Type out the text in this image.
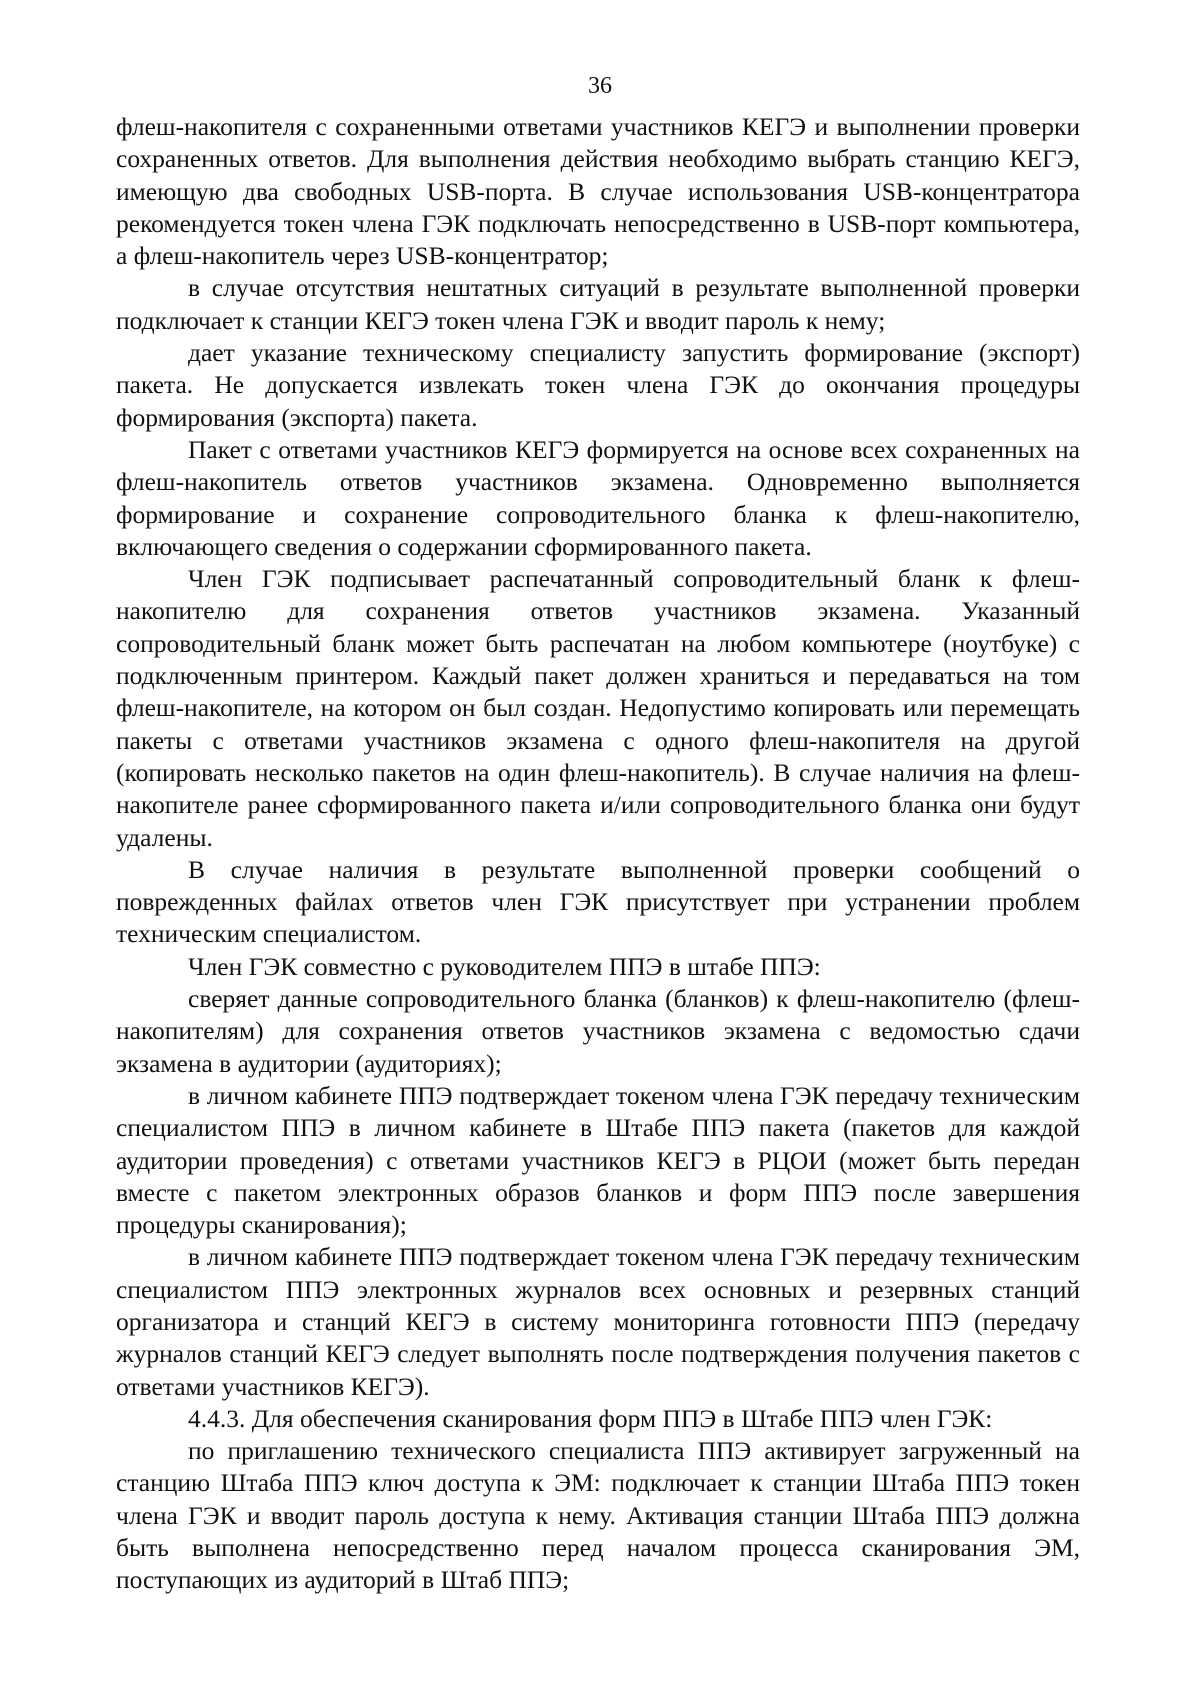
36

флеш-накопителя с сохраненными ответами участников КЕГЭ и выполнении проверки сохраненных ответов. Для выполнения действия необходимо выбрать станцию КЕГЭ, имеющую два свободных USB-порта. В случае использования USB-концентратора рекомендуется токен члена ГЭК подключать непосредственно в USB-порт компьютера, а флеш-накопитель через USB-концентратор;

в случае отсутствия нештатных ситуаций в результате выполненной проверки подключает к станции КЕГЭ токен члена ГЭК и вводит пароль к нему;

дает указание техническому специалисту запустить формирование (экспорт) пакета. Не допускается извлекать токен члена ГЭК до окончания процедуры формирования (экспорта) пакета.

Пакет с ответами участников КЕГЭ формируется на основе всех сохраненных на флеш-накопитель ответов участников экзамена. Одновременно выполняется формирование и сохранение сопроводительного бланка к флеш-накопителю, включающего сведения о содержании сформированного пакета.

Член ГЭК подписывает распечатанный сопроводительный бланк к флеш-накопителю для сохранения ответов участников экзамена. Указанный сопроводительный бланк может быть распечатан на любом компьютере (ноутбуке) с подключенным принтером. Каждый пакет должен храниться и передаваться на том флеш-накопителе, на котором он был создан. Недопустимо копировать или перемещать пакеты с ответами участников экзамена с одного флеш-накопителя на другой (копировать несколько пакетов на один флеш-накопитель). В случае наличия на флеш-накопителе ранее сформированного пакета и/или сопроводительного бланка они будут удалены.

В случае наличия в результате выполненной проверки сообщений о поврежденных файлах ответов член ГЭК присутствует при устранении проблем техническим специалистом.

Член ГЭК совместно с руководителем ППЭ в штабе ППЭ:

сверяет данные сопроводительного бланка (бланков) к флеш-накопителю (флеш-накопителям) для сохранения ответов участников экзамена с ведомостью сдачи экзамена в аудитории (аудиториях);

в личном кабинете ППЭ подтверждает токеном члена ГЭК передачу техническим специалистом ППЭ в личном кабинете в Штабе ППЭ пакета (пакетов для каждой аудитории проведения) с ответами участников КЕГЭ в РЦОИ (может быть передан вместе с пакетом электронных образов бланков и форм ППЭ после завершения процедуры сканирования);

в личном кабинете ППЭ подтверждает токеном члена ГЭК передачу техническим специалистом ППЭ электронных журналов всех основных и резервных станций организатора и станций КЕГЭ в систему мониторинга готовности ППЭ (передачу журналов станций КЕГЭ следует выполнять после подтверждения получения пакетов с ответами участников КЕГЭ).

4.4.3. Для обеспечения сканирования форм ППЭ в Штабе ППЭ член ГЭК:

по приглашению технического специалиста ППЭ активирует загруженный на станцию Штаба ППЭ ключ доступа к ЭМ: подключает к станции Штаба ППЭ токен члена ГЭК и вводит пароль доступа к нему. Активация станции Штаба ППЭ должна быть выполнена непосредственно перед началом процесса сканирования ЭМ, поступающих из аудиторий в Штаб ППЭ;
